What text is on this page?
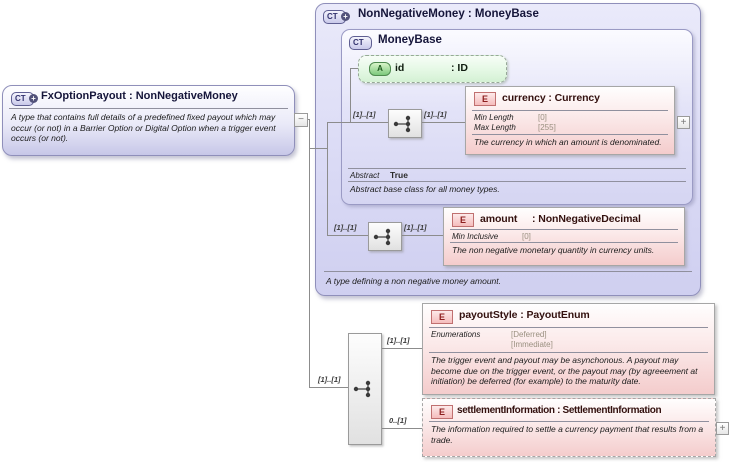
CT + NonNegativeMoney : MoneyBase
A type defining a non negative money amount.
CT MoneyBase
Abstract True
Abstract base class for all money types.
CT + FxOptionPayout : NonNegativeMoney
A type that contains full details of a predefined fixed payout which may occur (or not) in a Barrier Option or Digital Option when a trigger event occurs (or not).
−
A	id	: ID
[1]..[1]	[1]..[1]
E	currency : Currency
Min Length	[0]
Max Length	[255]
The currency in which an amount is denominated.
+
[1]..[1]	[1]..[1]
E	amount : NonNegativeDecimal
Min Inclusive	[0]
The non negative monetary quantity in currency units.
[1]..[1]
[1]..[1]
0..[1]
E	payoutStyle : PayoutEnum
Enumerations	[Deferred]
[Immediate]
The trigger event and payout may be asynchonous. A payout may become due on the trigger event, or the payout may (by agreeement at initiation) be deferred (for example) to the maturity date.
E	settlementInformation : SettlementInformation
The information required to settle a currency payment that results from a trade.
+
